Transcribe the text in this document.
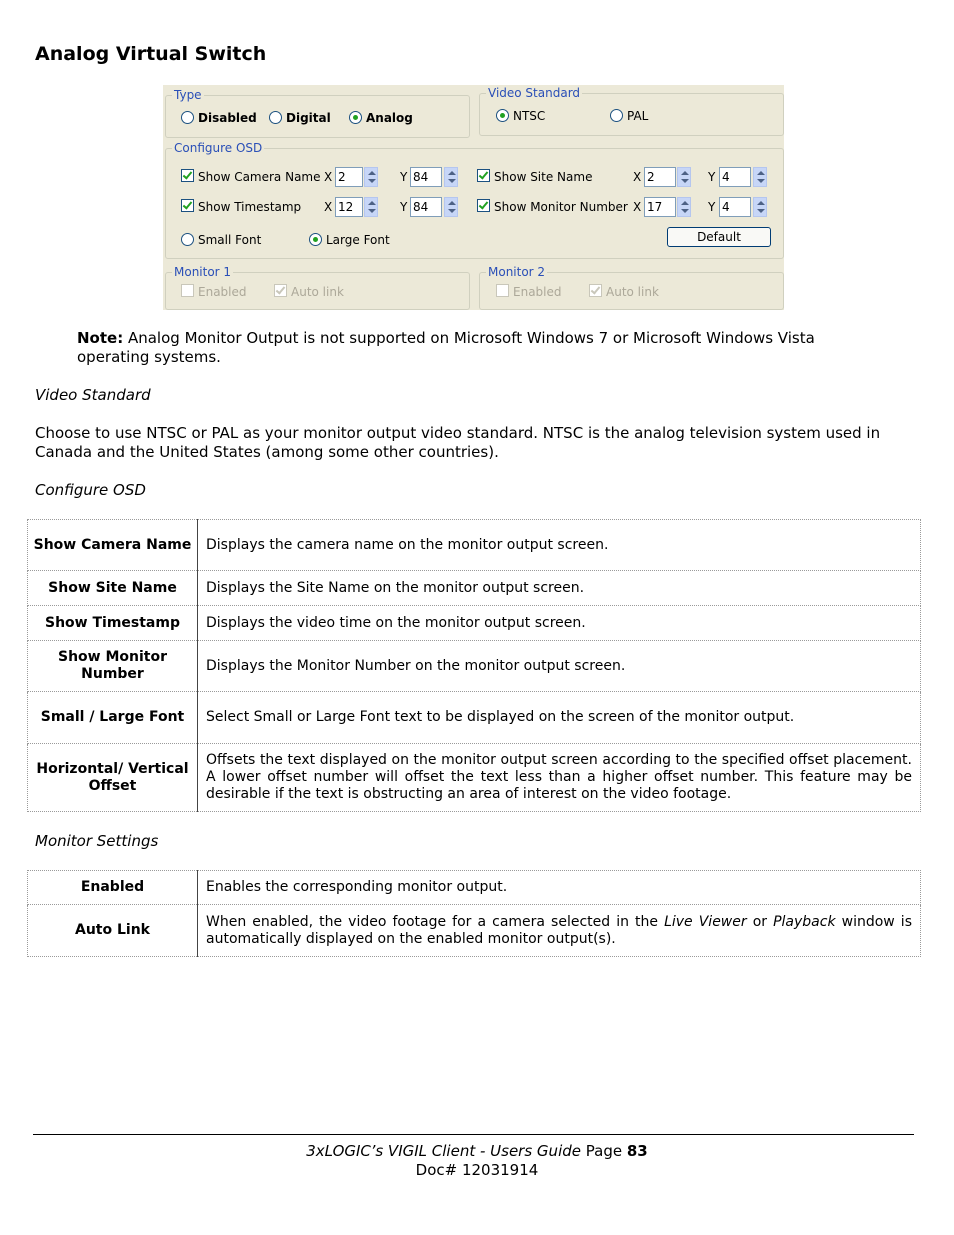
Analog Virtual Switch
Type
Disabled Digital	Analog
Video Standard
NTSC	PAL
Configure OSD
Show Camera Name X 2	Y 84	Show Site Name	X 2	Y 4
Show Timestamp X 12	Y 84	Show Monitor Number X 17	Y 4
Small Font	Large Font	Default
Monitor 1
Enabled	Auto link
Monitor 2
Enabled	Auto link

Note: Analog Monitor Output is not supported on Microsoft Windows 7 or Microsoft Windows Vista operating systems.

Video Standard

Choose to use NTSC or PAL as your monitor output video standard. NTSC is the analog television system used in Canada and the United States (among some other countries).

Configure OSD

Show Camera Name	Displays the camera name on the monitor output screen.
Show Site Name	Displays the Site Name on the monitor output screen.
Show Timestamp	Displays the video time on the monitor output screen.
Show Monitor Number	Displays the Monitor Number on the monitor output screen.
Small / Large Font	Select Small or Large Font text to be displayed on the screen of the monitor output.
Horizontal/ Vertical Offset	Offsets the text displayed on the monitor output screen according to the specified offset placement. A lower offset number will offset the text less than a higher offset number. This feature may be desirable if the text is obstructing an area of interest on the video footage.

Monitor Settings

Enabled	Enables the corresponding monitor output.
Auto Link	When enabled, the video footage for a camera selected in the Live Viewer or Playback window is automatically displayed on the enabled monitor output(s).
3xLOGIC’s VIGIL Client - Users Guide Page 83
Doc# 12031914
